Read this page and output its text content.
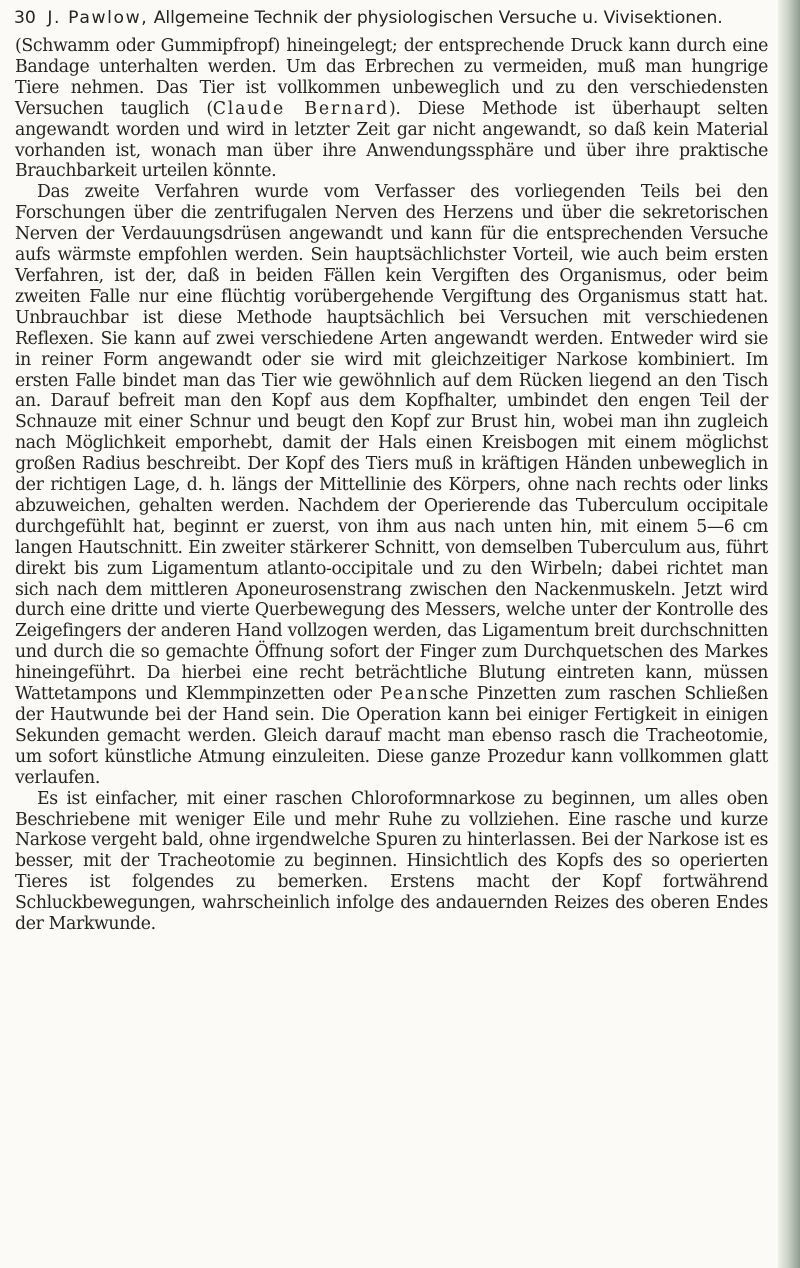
30 J. Pawlow, Allgemeine Technik der physiologischen Versuche u. Vivisektionen.

(Schwamm oder Gummipfropf) hineingelegt; der entsprechende Druck kann durch eine Bandage unterhalten werden. Um das Erbrechen zu vermeiden, muß man hungrige Tiere nehmen. Das Tier ist vollkommen unbeweglich und zu den verschiedensten Versuchen tauglich (Claude Bernard). Diese Methode ist überhaupt selten angewandt worden und wird in letzter Zeit gar nicht angewandt, so daß kein Material vorhanden ist, wonach man über ihre Anwendungssphäre und über ihre praktische Brauchbarkeit urteilen könnte.

Das zweite Verfahren wurde vom Verfasser des vorliegenden Teils bei den Forschungen über die zentrifugalen Nerven des Herzens und über die sekretorischen Nerven der Verdauungsdrüsen angewandt und kann für die entsprechenden Versuche aufs wärmste empfohlen werden. Sein hauptsächlichster Vorteil, wie auch beim ersten Verfahren, ist der, daß in beiden Fällen kein Vergiften des Organismus, oder beim zweiten Falle nur eine flüchtig vorübergehende Vergiftung des Organismus statt hat. Unbrauchbar ist diese Methode hauptsächlich bei Versuchen mit verschiedenen Reflexen. Sie kann auf zwei verschiedene Arten angewandt werden. Entweder wird sie in reiner Form angewandt oder sie wird mit gleichzeitiger Narkose kombiniert. Im ersten Falle bindet man das Tier wie gewöhnlich auf dem Rücken liegend an den Tisch an. Darauf befreit man den Kopf aus dem Kopfhalter, umbindet den engen Teil der Schnauze mit einer Schnur und beugt den Kopf zur Brust hin, wobei man ihn zugleich nach Möglichkeit emporhebt, damit der Hals einen Kreisbogen mit einem möglichst großen Radius beschreibt. Der Kopf des Tiers muß in kräftigen Händen unbeweglich in der richtigen Lage, d. h. längs der Mittellinie des Körpers, ohne nach rechts oder links abzuweichen, gehalten werden. Nachdem der Operierende das Tuberculum occipitale durchgefühlt hat, beginnt er zuerst, von ihm aus nach unten hin, mit einem 5—6 cm langen Hautschnitt. Ein zweiter stärkerer Schnitt, von demselben Tuberculum aus, führt direkt bis zum Ligamentum atlanto-occipitale und zu den Wirbeln; dabei richtet man sich nach dem mittleren Aponeurosenstrang zwischen den Nackenmuskeln. Jetzt wird durch eine dritte und vierte Querbewegung des Messers, welche unter der Kontrolle des Zeigefingers der anderen Hand vollzogen werden, das Ligamentum breit durchschnitten und durch die so gemachte Öffnung sofort der Finger zum Durchquetschen des Markes hineingeführt. Da hierbei eine recht beträchtliche Blutung eintreten kann, müssen Wattetampons und Klemmpinzetten oder Peansche Pinzetten zum raschen Schließen der Hautwunde bei der Hand sein. Die Operation kann bei einiger Fertigkeit in einigen Sekunden gemacht werden. Gleich darauf macht man ebenso rasch die Tracheotomie, um sofort künstliche Atmung einzuleiten. Diese ganze Prozedur kann vollkommen glatt verlaufen.

Es ist einfacher, mit einer raschen Chloroformnarkose zu beginnen, um alles oben Beschriebene mit weniger Eile und mehr Ruhe zu vollziehen. Eine rasche und kurze Narkose vergeht bald, ohne irgendwelche Spuren zu hinterlassen. Bei der Narkose ist es besser, mit der Tracheotomie zu beginnen. Hinsichtlich des Kopfs des so operierten Tieres ist folgendes zu bemerken. Erstens macht der Kopf fortwährend Schluckbewegungen, wahrscheinlich infolge des andauernden Reizes des oberen Endes der Markwunde.
